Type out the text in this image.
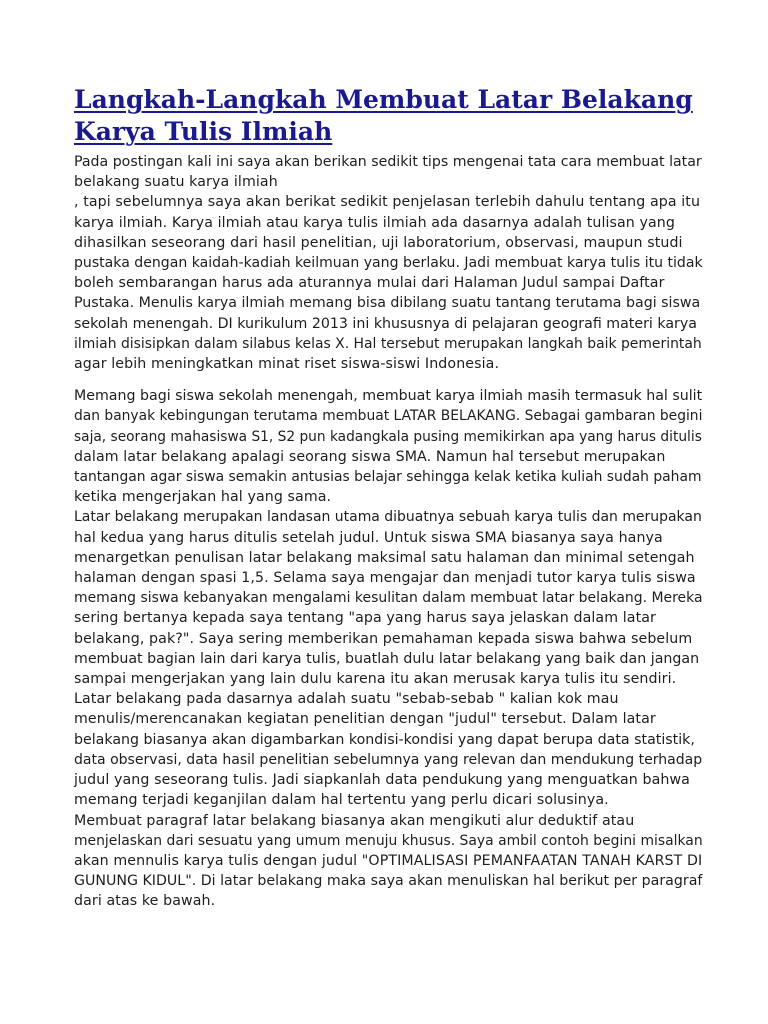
Langkah-Langkah Membuat Latar Belakang
Karya Tulis Ilmiah
Pada postingan kali ini saya akan berikan sedikit tips mengenai tata cara membuat latar
belakang suatu karya ilmiah
, tapi sebelumnya saya akan berikat sedikit penjelasan terlebih dahulu tentang apa itu
karya ilmiah. Karya ilmiah atau karya tulis ilmiah ada dasarnya adalah tulisan yang
dihasilkan seseorang dari hasil penelitian, uji laboratorium, observasi, maupun studi
pustaka dengan kaidah-kadiah keilmuan yang berlaku. Jadi membuat karya tulis itu tidak
boleh sembarangan harus ada aturannya mulai dari Halaman Judul sampai Daftar
Pustaka. Menulis karya ilmiah memang bisa dibilang suatu tantang terutama bagi siswa
sekolah menengah. DI kurikulum 2013 ini khususnya di pelajaran geografi materi karya
ilmiah disisipkan dalam silabus kelas X. Hal tersebut merupakan langkah baik pemerintah
agar lebih meningkatkan minat riset siswa-siswi Indonesia.
Memang bagi siswa sekolah menengah, membuat karya ilmiah masih termasuk hal sulit
dan banyak kebingungan terutama membuat LATAR BELAKANG. Sebagai gambaran begini
saja, seorang mahasiswa S1, S2 pun kadangkala pusing memikirkan apa yang harus ditulis
dalam latar belakang apalagi seorang siswa SMA. Namun hal tersebut merupakan
tantangan agar siswa semakin antusias belajar sehingga kelak ketika kuliah sudah paham
ketika mengerjakan hal yang sama.
Latar belakang merupakan landasan utama dibuatnya sebuah karya tulis dan merupakan
hal kedua yang harus ditulis setelah judul. Untuk siswa SMA biasanya saya hanya
menargetkan penulisan latar belakang maksimal satu halaman dan minimal setengah
halaman dengan spasi 1,5. Selama saya mengajar dan menjadi tutor karya tulis siswa
memang siswa kebanyakan mengalami kesulitan dalam membuat latar belakang. Mereka
sering bertanya kepada saya tentang "apa yang harus saya jelaskan dalam latar
belakang, pak?". Saya sering memberikan pemahaman kepada siswa bahwa sebelum
membuat bagian lain dari karya tulis, buatlah dulu latar belakang yang baik dan jangan
sampai mengerjakan yang lain dulu karena itu akan merusak karya tulis itu sendiri.
Latar belakang pada dasarnya adalah suatu "sebab-sebab " kalian kok mau
menulis/merencanakan kegiatan penelitian dengan "judul" tersebut. Dalam latar
belakang biasanya akan digambarkan kondisi-kondisi yang dapat berupa data statistik,
data observasi, data hasil penelitian sebelumnya yang relevan dan mendukung terhadap
judul yang seseorang tulis. Jadi siapkanlah data pendukung yang menguatkan bahwa
memang terjadi keganjilan dalam hal tertentu yang perlu dicari solusinya.
Membuat paragraf latar belakang biasanya akan mengikuti alur deduktif atau
menjelaskan dari sesuatu yang umum menuju khusus. Saya ambil contoh begini misalkan
akan mennulis karya tulis dengan judul "OPTIMALISASI PEMANFAATAN TANAH KARST DI
GUNUNG KIDUL". Di latar belakang maka saya akan menuliskan hal berikut per paragraf
dari atas ke bawah.
